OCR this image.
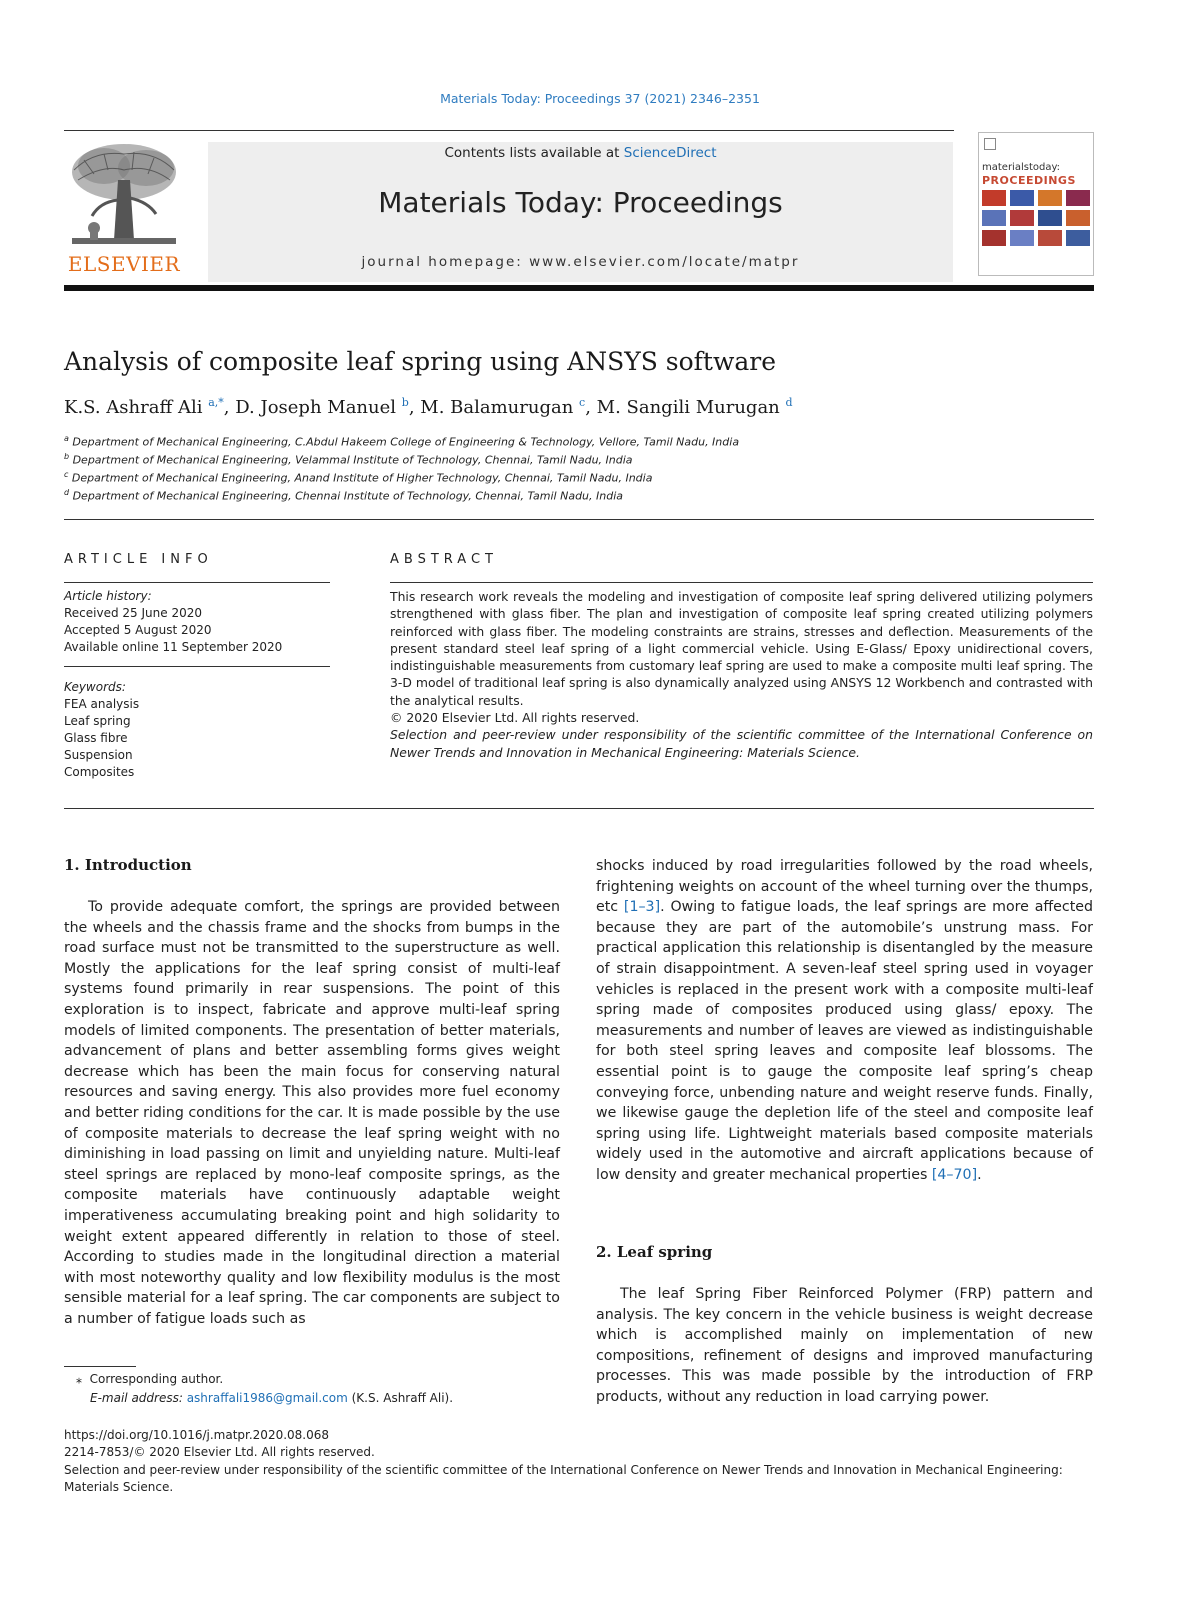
Materials Today: Proceedings 37 (2021) 2346–2351
ELSEVIER
Contents lists available at ScienceDirect
Materials Today: Proceedings
journal homepage: www.elsevier.com/locate/matpr
materialstoday:
PROCEEDINGS
Analysis of composite leaf spring using ANSYS software
K.S. Ashraff Ali $^{a,*}$, D. Joseph Manuel $^b$, M. Balamurugan $^c$, M. Sangili Murugan $^d$
$^a$ Department of Mechanical Engineering, C.Abdul Hakeem College of Engineering & Technology, Vellore, Tamil Nadu, India
$^b$ Department of Mechanical Engineering, Velammal Institute of Technology, Chennai, Tamil Nadu, India
$^c$ Department of Mechanical Engineering, Anand Institute of Higher Technology, Chennai, Tamil Nadu, India
$^d$ Department of Mechanical Engineering, Chennai Institute of Technology, Chennai, Tamil Nadu, India
ARTICLE INFO
Article history:
Received 25 June 2020
Accepted 5 August 2020
Available online 11 September 2020
Keywords:
FEA analysis
Leaf spring
Glass fibre
Suspension
Composites
ABSTRACT

This research work reveals the modeling and investigation of composite leaf spring delivered utilizing polymers strengthened with glass fiber. The plan and investigation of composite leaf spring created utilizing polymers reinforced with glass fiber. The modeling constraints are strains, stresses and deflection. Measurements of the present standard steel leaf spring of a light commercial vehicle. Using E-Glass/ Epoxy unidirectional covers, indistinguishable measurements from customary leaf spring are used to make a composite multi leaf spring. The 3-D model of traditional leaf spring is also dynamically analyzed using ANSYS 12 Workbench and contrasted with the analytical results.

© 2020 Elsevier Ltd. All rights reserved.

Selection and peer-review under responsibility of the scientific committee of the International Conference on Newer Trends and Innovation in Mechanical Engineering: Materials Science.

1. Introduction

To provide adequate comfort, the springs are provided between the wheels and the chassis frame and the shocks from bumps in the road surface must not be transmitted to the superstructure as well. Mostly the applications for the leaf spring consist of multi-leaf systems found primarily in rear suspensions. The point of this exploration is to inspect, fabricate and approve multi-leaf spring models of limited components. The presentation of better materials, advancement of plans and better assembling forms gives weight decrease which has been the main focus for conserving natural resources and saving energy. This also provides more fuel economy and better riding conditions for the car. It is made possible by the use of composite materials to decrease the leaf spring weight with no diminishing in load passing on limit and unyielding nature. Multi-leaf steel springs are replaced by mono-leaf composite springs, as the composite materials have continuously adaptable weight imperativeness accumulating breaking point and high solidarity to weight extent appeared differently in relation to those of steel. According to studies made in the longitudinal direction a material with most noteworthy quality and low flexibility modulus is the most sensible material for a leaf spring. The car components are subject to a number of fatigue loads such as

shocks induced by road irregularities followed by the road wheels, frightening weights on account of the wheel turning over the thumps, etc [1–3]. Owing to fatigue loads, the leaf springs are more affected because they are part of the automobile’s unstrung mass. For practical application this relationship is disentangled by the measure of strain disappointment. A seven-leaf steel spring used in voyager vehicles is replaced in the present work with a composite multi-leaf spring made of composites produced using glass/ epoxy. The measurements and number of leaves are viewed as indistinguishable for both steel spring leaves and composite leaf blossoms. The essential point is to gauge the composite leaf spring’s cheap conveying force, unbending nature and weight reserve funds. Finally, we likewise gauge the depletion life of the steel and composite leaf spring using life. Lightweight materials based composite materials widely used in the automotive and aircraft applications because of low density and greater mechanical properties [4–70].

2. Leaf spring

The leaf Spring Fiber Reinforced Polymer (FRP) pattern and analysis. The key concern in the vehicle business is weight decrease which is accomplished mainly on implementation of new compositions, refinement of designs and improved manufacturing processes. This was made possible by the introduction of FRP products, without any reduction in load carrying power.

⁎ Corresponding author.
E-mail address: ashraffali1986@gmail.com (K.S. Ashraff Ali).
https://doi.org/10.1016/j.matpr.2020.08.068
2214-7853/© 2020 Elsevier Ltd. All rights reserved.
Selection and peer-review under responsibility of the scientific committee of the International Conference on Newer Trends and Innovation in Mechanical Engineering: Materials Science.
